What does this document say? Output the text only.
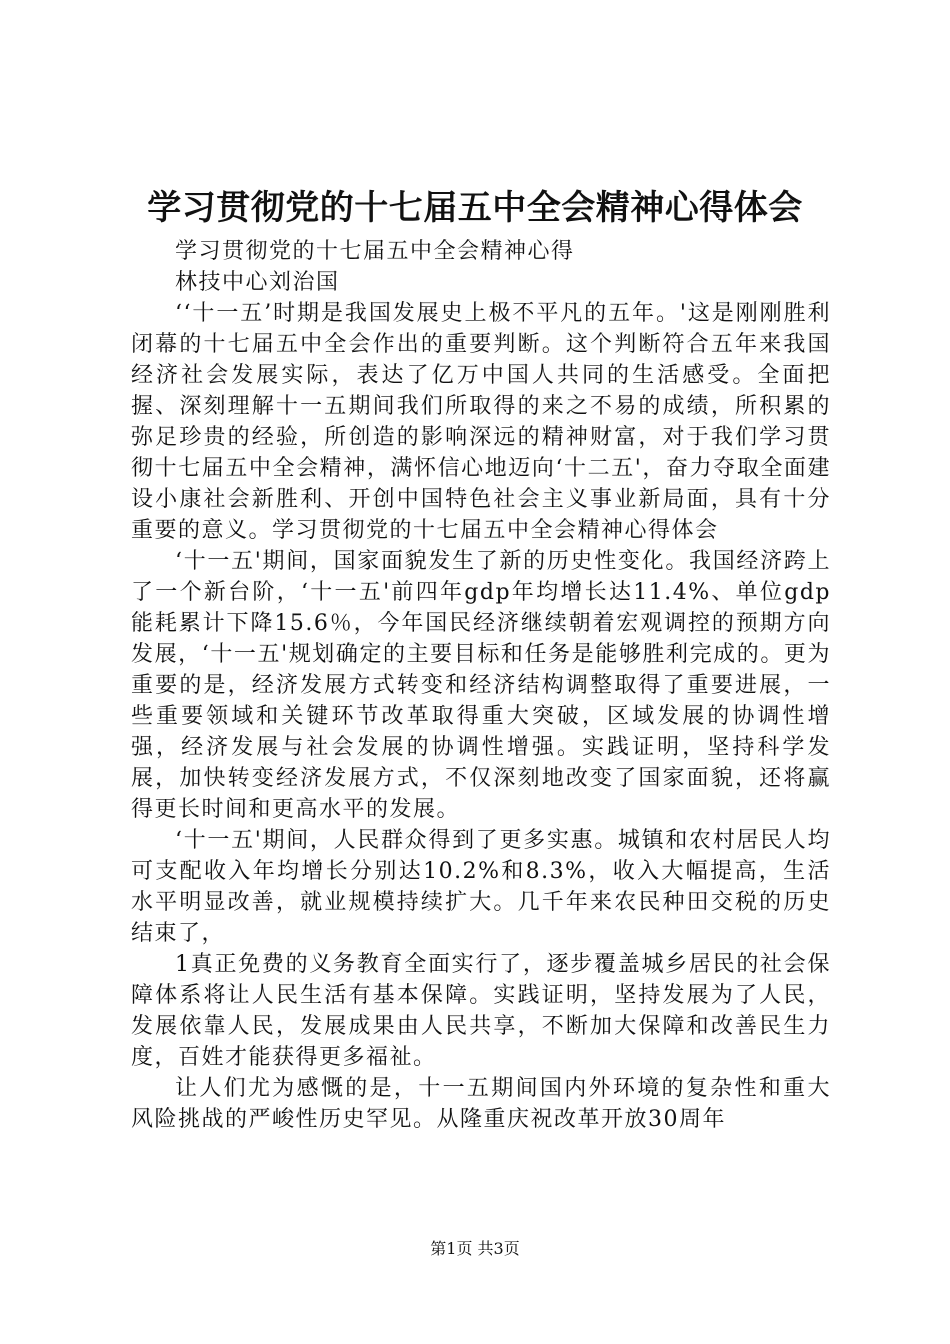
学习贯彻党的十七届五中全会精神心得体会

学习贯彻党的十七届五中全会精神心得

林技中心刘治国

‘‘十一五’时期是我国发展史上极不平凡的五年。'这是刚刚胜利闭幕的十七届五中全会作出的重要判断。这个判断符合五年来我国经济社会发展实际，表达了亿万中国人共同的生活感受。全面把握、深刻理解十一五期间我们所取得的来之不易的成绩，所积累的弥足珍贵的经验，所创造的影响深远的精神财富，对于我们学习贯彻十七届五中全会精神，满怀信心地迈向‘十二五'，奋力夺取全面建设小康社会新胜利、开创中国特色社会主义事业新局面，具有十分重要的意义。学习贯彻党的十七届五中全会精神心得体会

‘十一五'期间，国家面貌发生了新的历史性变化。我国经济跨上了一个新台阶，‘十一五'前四年gdp年均增长达11.4%、单位gdp能耗累计下降15.6％，今年国民经济继续朝着宏观调控的预期方向发展，‘十一五'规划确定的主要目标和任务是能够胜利完成的。更为重要的是，经济发展方式转变和经济结构调整取得了重要进展，一些重要领域和关键环节改革取得重大突破，区域发展的协调性增强，经济发展与社会发展的协调性增强。实践证明，坚持科学发展，加快转变经济发展方式，不仅深刻地改变了国家面貌，还将赢得更长时间和更高水平的发展。

‘十一五'期间，人民群众得到了更多实惠。城镇和农村居民人均可支配收入年均增长分别达10.2%和8.3%，收入大幅提高，生活水平明显改善，就业规模持续扩大。几千年来农民种田交税的历史结束了，

1真正免费的义务教育全面实行了，逐步覆盖城乡居民的社会保障体系将让人民生活有基本保障。实践证明，坚持发展为了人民，发展依靠人民，发展成果由人民共享，不断加大保障和改善民生力度，百姓才能获得更多福祉。

让人们尤为感慨的是，十一五期间国内外环境的复杂性和重大风险挑战的严峻性历史罕见。从隆重庆祝改革开放30周年

第1页 共3页
